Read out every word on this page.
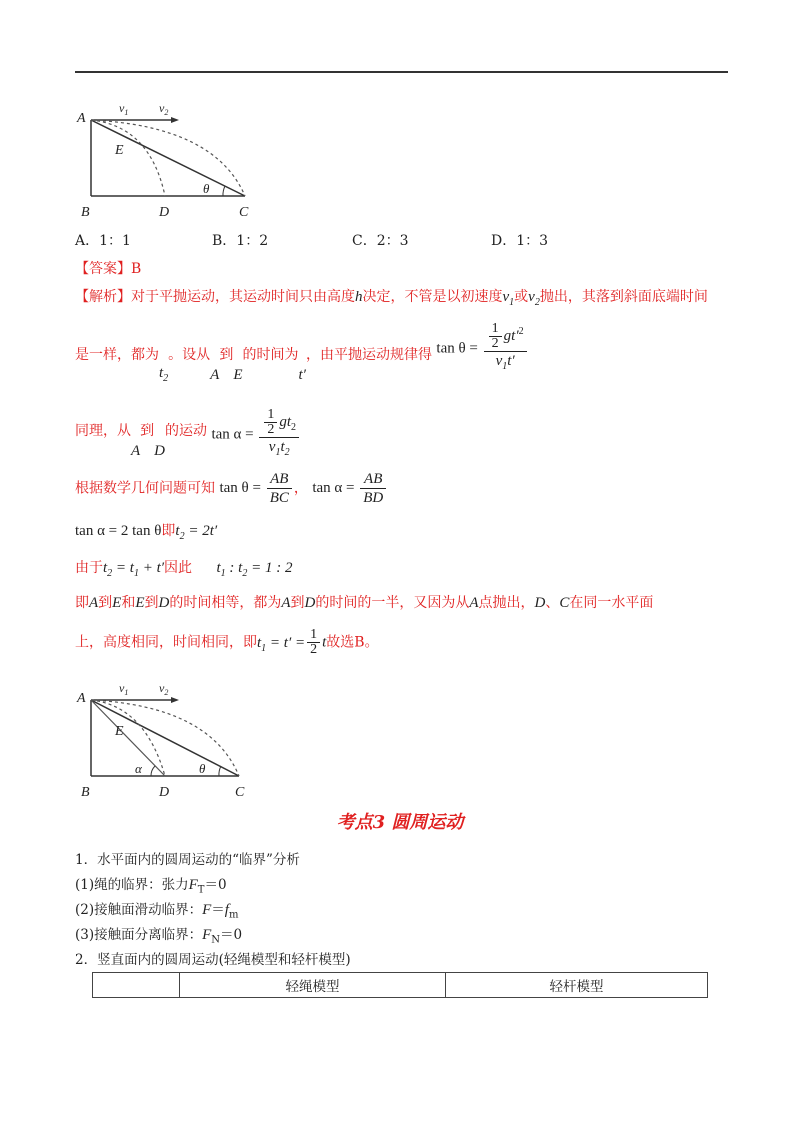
A
E
θ
B	D	C
$v_1$	$v_2$
A．1：1	B．1：2	C．2：3	D．1：3
【答案】B
【解析】对于平抛运动，其运动时间只由高度h决定，不管是以初速度$v_1$或$v_2$抛出，其落到斜面底端时间
是一样，都为$t_2$。设从A到E的时间为t′，由平抛运动规律得 $\tan \theta = \frac{\frac{1}{2} gt'^2}{v_1t'}$
同理，从A到D的运动 $\tan \alpha = \frac{\frac{1}{2} gt_2}{v_1t_2}$
根据数学几何问题可知 $\tan \theta = \frac{AB}{BC}$ ， $\tan \alpha = \frac{AB}{BD}$
tan α = 2 tan θ即$t_2 = 2t'$
由于$t_2 = t_1 + t'$因此 $t_1$ : $t_2 = 1$ : 2
即A到E和E到D的时间相等，都为A到D的时间的一半，又因为从A点抛出，D、C在同一水平面
上，高度相同，时间相同，即$t_1 = t' = \frac{1}{2}$ t故选B。
A
E
α	θ
B	D	C
$v_1$	$v_2$
考点3 圆周运动
1．水平面内的圆周运动的“临界”分析
(1)绳的临界：张力$F_T=0$
(2)接触面滑动临界：$F=f_m$
(3)接触面分离临界：$F_N=0$
2．竖直面内的圆周运动(轻绳模型和轻杆模型)
	轻绳模型	轻杆模型
